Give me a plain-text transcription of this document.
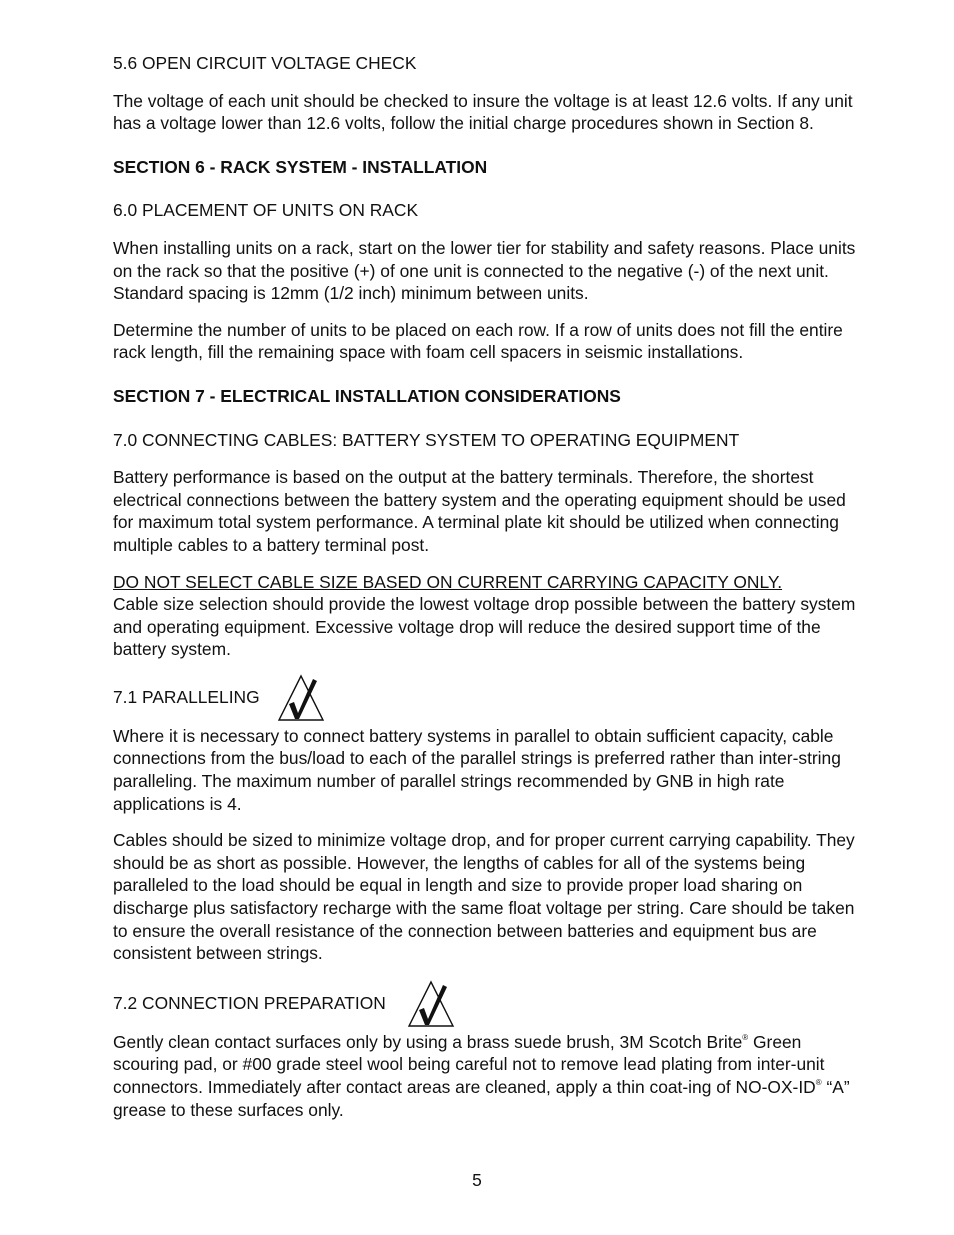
5.6 OPEN CIRCUIT VOLTAGE CHECK

The voltage of each unit should be checked to insure the voltage is at least 12.6 volts. If any unit has a voltage lower than 12.6 volts, follow the initial charge procedures shown in Section 8.

SECTION 6 - RACK SYSTEM - INSTALLATION
6.0 PLACEMENT OF UNITS ON RACK

When installing units on a rack, start on the lower tier for stability and safety reasons. Place units on the rack so that the positive (+) of one unit is connected to the negative (-) of the next unit. Standard spacing is 12mm (1/2 inch) minimum between units.

Determine the number of units to be placed on each row. If a row of units does not fill the entire rack length, fill the remaining space with foam cell spacers in seismic installations.

SECTION 7 - ELECTRICAL INSTALLATION CONSIDERATIONS
7.0 CONNECTING CABLES: BATTERY SYSTEM TO OPERATING EQUIPMENT

Battery performance is based on the output at the battery terminals. Therefore, the shortest electrical connections between the battery system and the operating equipment should be used for maximum total system performance. A terminal plate kit should be utilized when connecting multiple cables to a battery terminal post.

DO NOT SELECT CABLE SIZE BASED ON CURRENT CARRYING CAPACITY ONLY.
Cable size selection should provide the lowest voltage drop possible between the battery system and operating equipment. Excessive voltage drop will reduce the desired support time of the battery system.
7.1 PARALLELING

Where it is necessary to connect battery systems in parallel to obtain sufficient capacity, cable connections from the bus/load to each of the parallel strings is preferred rather than inter-string paralleling. The maximum number of parallel strings recommended by GNB in high rate applications is 4.

Cables should be sized to minimize voltage drop, and for proper current carrying capability. They should be as short as possible. However, the lengths of cables for all of the systems being paralleled to the load should be equal in length and size to provide proper load sharing on discharge plus satisfactory recharge with the same float voltage per string. Care should be taken to ensure the overall resistance of the connection between batteries and equipment bus are consistent between strings.

7.2 CONNECTION PREPARATION

Gently clean contact surfaces only by using a brass suede brush, 3M Scotch Brite® Green scouring pad, or #00 grade steel wool being careful not to remove lead plating from inter-unit connectors. Immediately after contact areas are cleaned, apply a thin coat-ing of NO-OX-ID® “A” grease to these surfaces only.

5
